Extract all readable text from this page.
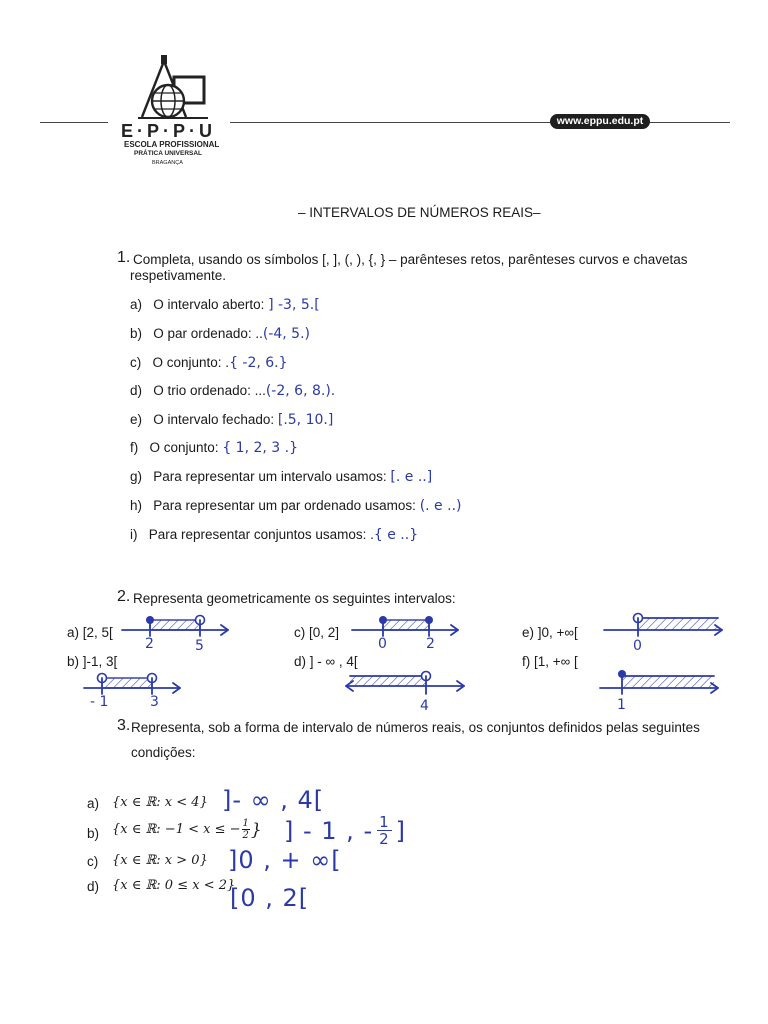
E·P·P·U
ESCOLA PROFISSIONAL
PRÁTICA UNIVERSAL
BRAGANÇA
www.eppu.edu.pt
– INTERVALOS DE NÚMEROS REAIS–
1. Completa, usando os símbolos [, ], (, ), {, } – parênteses retos, parênteses curvos e chavetas
respetivamente.
a) O intervalo aberto: ] -3, 5.[
b) O par ordenado: ..(-4, 5.)
c) O conjunto: .{ -2, 6.}
d) O trio ordenado: ...(-2, 6, 8.).
e) O intervalo fechado: [.5, 10.]
f) O conjunto: { 1, 2, 3 .}
g) Para representar um intervalo usamos: [. e ..]
h) Para representar um par ordenado usamos: (. e ..)
i) Para representar conjuntos usamos: .{ e ..}
2. Representa geometricamente os seguintes intervalos:
a) [2, 5[
b) ]-1, 3[
c) [0, 2]
d) ] - ∞ , 4[
e) ]0, +∞[
f) [1, +∞ [
2	5
- 1	3
0	2
4
0
1
3. Representa, sob a forma de intervalo de números reais, os conjuntos definidos pelas seguintes
condições:
a) {x ∈ ℝ: x < 4} ]- ∞ , 4[
b) {x ∈ ℝ: −1 < x ≤ − $\frac{1}{2}$ } ] - 1 , - $\frac{1}{2}$ ]
c) {x ∈ ℝ: x > 0} ]0 , + ∞[
d) {x ∈ ℝ: 0 ≤ x < 2}
[0 , 2[
